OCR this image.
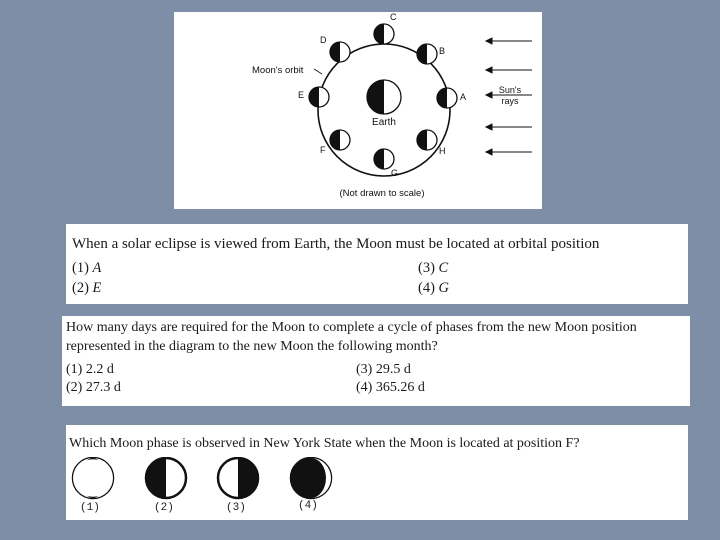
Earth
A
B
C
D
E
F
G
H
Moon's orbit
Sun's
rays
(Not drawn to scale)
When a solar eclipse is viewed from Earth, the Moon must be located at orbital position
(1) A
(2) E
(3) C
(4) G
How many days are required for the Moon to complete a cycle of phases from the new Moon position
represented in the diagram to the new Moon the following month?
(1) 2.2 d
(2) 27.3 d
(3) 29.5 d
(4) 365.26 d
Which Moon phase is observed in New York State when the Moon is located at position F?
(1)	(2)	(3)	(4)
